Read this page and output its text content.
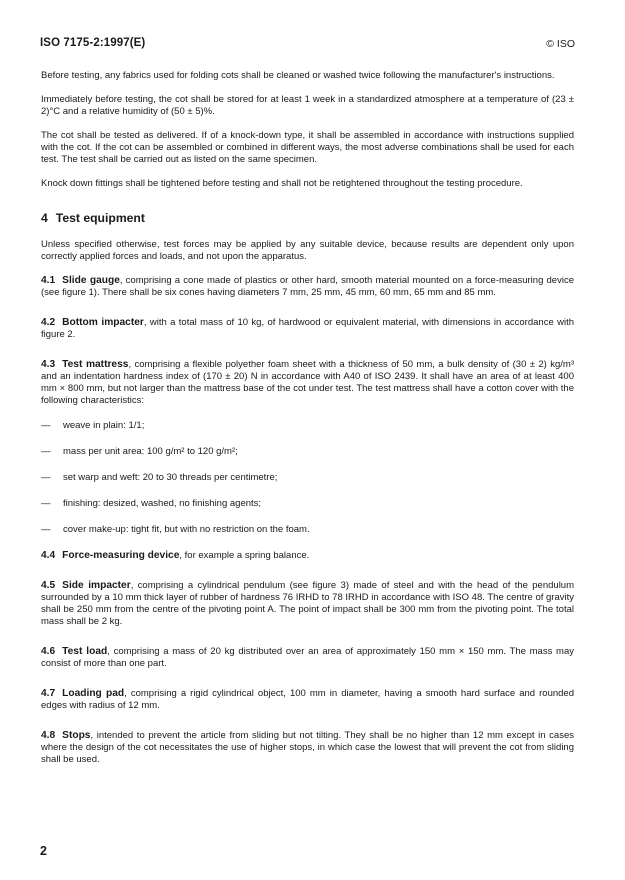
ISO 7175-2:1997(E)	© ISO

Before testing, any fabrics used for folding cots shall be cleaned or washed twice following the manufacturer's instructions.

Immediately before testing, the cot shall be stored for at least 1 week in a standardized atmosphere at a temperature of (23 ± 2)°C and a relative humidity of (50 ± 5)%.

The cot shall be tested as delivered. If of a knock-down type, it shall be assembled in accordance with instructions supplied with the cot. If the cot can be assembled or combined in different ways, the most adverse combinations shall be used for each test. The test shall be carried out as listed on the same specimen.

Knock down fittings shall be tightened before testing and shall not be retightened throughout the testing procedure.

4 Test equipment

Unless specified otherwise, test forces may be applied by any suitable device, because results are dependent only upon correctly applied forces and loads, and not upon the apparatus.

4.1 Slide gauge, comprising a cone made of plastics or other hard, smooth material mounted on a force-measuring device (see figure 1). There shall be six cones having diameters 7 mm, 25 mm, 45 mm, 60 mm, 65 mm and 85 mm.

4.2 Bottom impacter, with a total mass of 10 kg, of hardwood or equivalent material, with dimensions in accordance with figure 2.

4.3 Test mattress, comprising a flexible polyether foam sheet with a thickness of 50 mm, a bulk density of (30 ± 2) kg/m³ and an indentation hardness index of (170 ± 20) N in accordance with A40 of ISO 2439. It shall have an area of at least 400 mm × 800 mm, but not larger than the mattress base of the cot under test. The test mattress shall have a cotton cover with the following characteristics:

—	weave in plain: 1/1;
—	mass per unit area: 100 g/m² to 120 g/m²;
—	set warp and weft: 20 to 30 threads per centimetre;
—	finishing: desized, washed, no finishing agents;
—	cover make-up: tight fit, but with no restriction on the foam.

4.4 Force-measuring device, for example a spring balance.

4.5 Side impacter, comprising a cylindrical pendulum (see figure 3) made of steel and with the head of the pendulum surrounded by a 10 mm thick layer of rubber of hardness 76 IRHD to 78 IRHD in accordance with ISO 48. The centre of gravity shall be 250 mm from the centre of the pivoting point A. The point of impact shall be 300 mm from the pivoting point. The total mass shall be 2 kg.

4.6 Test load, comprising a mass of 20 kg distributed over an area of approximately 150 mm × 150 mm. The mass may consist of more than one part.

4.7 Loading pad, comprising a rigid cylindrical object, 100 mm in diameter, having a smooth hard surface and rounded edges with radius of 12 mm.

4.8 Stops, intended to prevent the article from sliding but not tilting. They shall be no higher than 12 mm except in cases where the design of the cot necessitates the use of higher stops, in which case the lowest that will prevent the cot from sliding shall be used.

2
